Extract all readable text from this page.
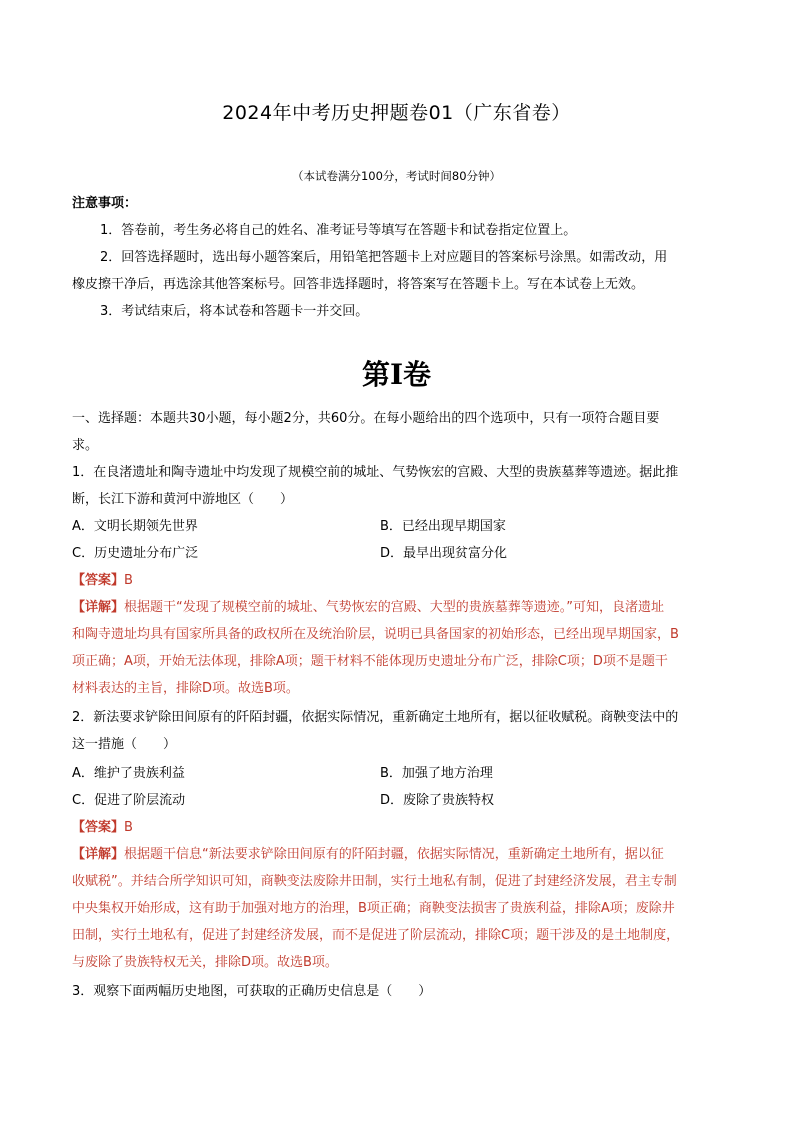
2024年中考历史押题卷01（广东省卷）
（本试卷满分100分，考试时间80分钟）
注意事项：
1．答卷前，考生务必将自己的姓名、准考证号等填写在答题卡和试卷指定位置上。
2．回答选择题时，选出每小题答案后，用铅笔把答题卡上对应题目的答案标号涂黑。如需改动，用
橡皮擦干净后，再选涂其他答案标号。回答非选择题时，将答案写在答题卡上。写在本试卷上无效。
3．考试结束后，将本试卷和答题卡一并交回。
第Ⅰ卷
一、选择题：本题共30小题，每小题2分，共60分。在每小题给出的四个选项中，只有一项符合题目要
求。
1．在良渚遗址和陶寺遗址中均发现了规模空前的城址、气势恢宏的宫殿、大型的贵族墓葬等遗迹。据此推
断，长江下游和黄河中游地区（　　）
A．文明长期领先世界	B．已经出现早期国家
C．历史遗址分布广泛	D．最早出现贫富分化
【答案】B
【详解】根据题干“发现了规模空前的城址、气势恢宏的宫殿、大型的贵族墓葬等遗迹。”可知，良渚遗址
和陶寺遗址均具有国家所具备的政权所在及统治阶层，说明已具备国家的初始形态，已经出现早期国家，B
项正确；A项，开始无法体现，排除A项；题干材料不能体现历史遗址分布广泛，排除C项；D项不是题干
材料表达的主旨，排除D项。故选B项。
2．新法要求铲除田间原有的阡陌封疆，依据实际情况，重新确定土地所有，据以征收赋税。商鞅变法中的
这一措施（　　）
A．维护了贵族利益	B．加强了地方治理
C．促进了阶层流动	D．废除了贵族特权
【答案】B
【详解】根据题干信息“新法要求铲除田间原有的阡陌封疆，依据实际情况，重新确定土地所有，据以征
收赋税”。并结合所学知识可知，商鞅变法废除井田制，实行土地私有制，促进了封建经济发展，君主专制
中央集权开始形成，这有助于加强对地方的治理，B项正确；商鞅变法损害了贵族利益，排除A项；废除井
田制，实行土地私有，促进了封建经济发展，而不是促进了阶层流动，排除C项；题干涉及的是土地制度，
与废除了贵族特权无关，排除D项。故选B项。
3．观察下面两幅历史地图，可获取的正确历史信息是（　　）
